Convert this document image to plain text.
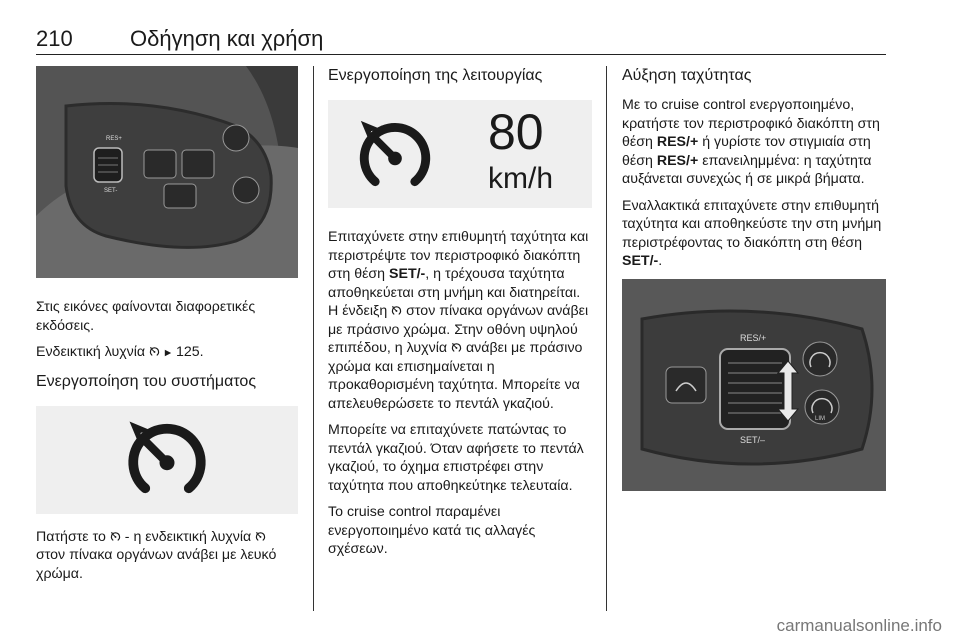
210	Οδήγηση και χρήση
RES+
SET-

Στις εικόνες φαίνονται διαφορετικές εκδόσεις.

Ενδεικτική λυχνία 125.

Ενεργοποίηση του συστήματος

Πατήστε το - η ενδεικτική λυχνία  στον πίνακα οργάνων ανάβει με λευκό χρώμα.

Ενεργοποίηση της λειτουργίας
80
km/h

Επιταχύνετε στην επιθυμητή ταχύτητα και περιστρέψτε τον περιστροφικό διακόπτη στη θέση SET/-, η τρέχουσα ταχύτητα αποθηκεύεται στη μνήμη και διατηρείται. Η ένδειξη στον πίνακα οργάνων ανάβει με πράσινο χρώμα. Στην οθόνη υψηλού επιπέδου, η λυχνία ανάβει με πράσινο χρώμα και επισημαίνεται η προκαθορισμένη ταχύτητα. Μπορείτε να απελευθερώσετε το πεντάλ γκαζιού.

Μπορείτε να επιταχύνετε πατώντας το πεντάλ γκαζιού. Όταν αφήσετε το πεντάλ γκαζιού, το όχημα επιστρέφει στην ταχύτητα που αποθηκεύτηκε τελευταία.

Το cruise control παραμένει ενεργοποιημένο κατά τις αλλαγές σχέσεων.

Αύξηση ταχύτητας

Με το cruise control ενεργοποιημένο, κρατήστε τον περιστροφικό διακόπτη στη θέση RES/+ ή γυρίστε τον στιγμιαία στη θέση RES/+ επανειλημμένα: η ταχύτητα αυξάνεται συνεχώς ή σε μικρά βήματα.

Εναλλακτικά επιταχύνετε στην επιθυμητή ταχύτητα και αποθηκεύστε την στη μνήμη περιστρέφοντας το διακόπτη στη θέση SET/-.

RES/+
SET/–
LIM
carmanualsonline.info
